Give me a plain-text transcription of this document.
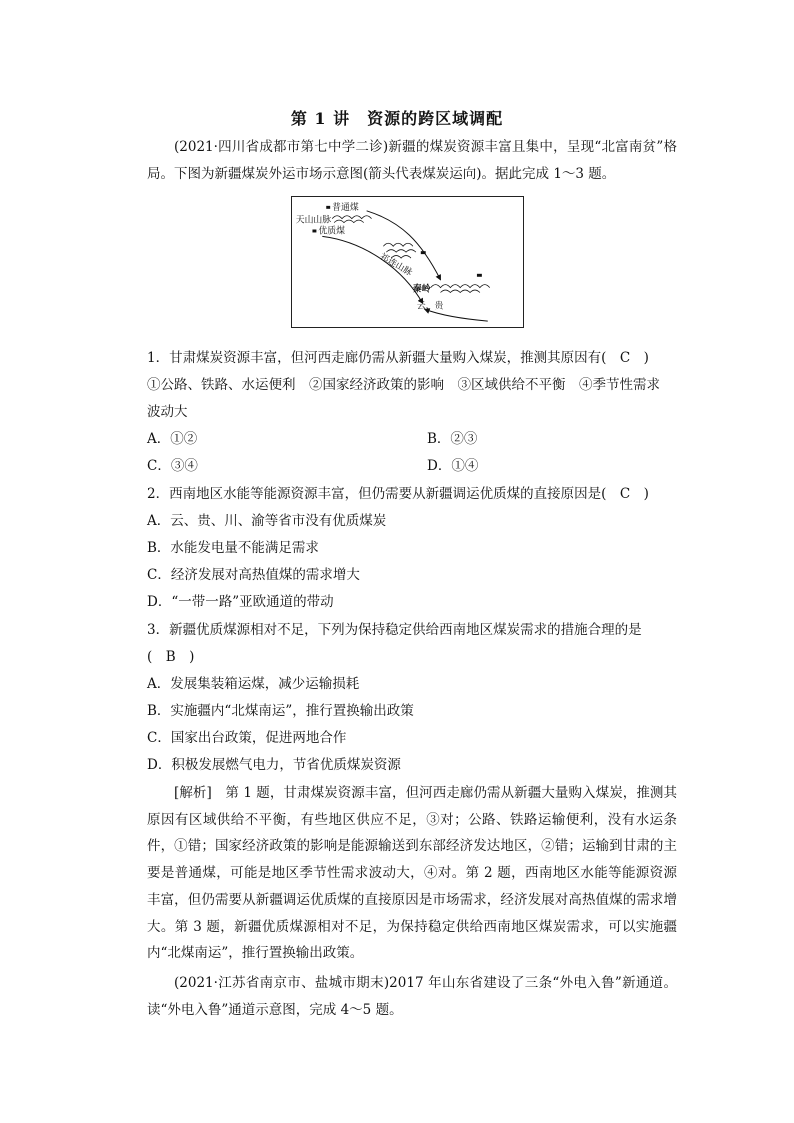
第 1 讲　资源的跨区域调配
(2021·四川省成都市第七中学二诊)新疆的煤炭资源丰富且集中，呈现“北富南贫”格局。下图为新疆煤炭外运市场示意图(箭头代表煤炭运向)。据此完成 1～3 题。
普通煤
天山山脉
优质煤
祁连山脉
秦岭
云、贵
1．甘肃煤炭资源丰富，但河西走廊仍需从新疆大量购入煤炭，推测其原因有(　C　)
①公路、铁路、水运便利　②国家经济政策的影响　③区域供给不平衡　④季节性需求
波动大
A．①②	B．②③
C．③④	D．①④
2．西南地区水能等能源资源丰富，但仍需要从新疆调运优质煤的直接原因是(　C　)
A．云、贵、川、渝等省市没有优质煤炭
B．水能发电量不能满足需求
C．经济发展对高热值煤的需求增大
D．“一带一路”亚欧通道的带动
3．新疆优质煤源相对不足，下列为保持稳定供给西南地区煤炭需求的措施合理的是
(　B　)
A．发展集装箱运煤，减少运输损耗
B．实施疆内“北煤南运”，推行置换输出政策
C．国家出台政策，促进两地合作
D．积极发展燃气电力，节省优质煤炭资源
[解析]　第 1 题，甘肃煤炭资源丰富，但河西走廊仍需从新疆大量购入煤炭，推测其原因有区域供给不平衡，有些地区供应不足，③对；公路、铁路运输便利，没有水运条件，①错；国家经济政策的影响是能源输送到东部经济发达地区，②错；运输到甘肃的主要是普通煤，可能是地区季节性需求波动大，④对。第 2 题，西南地区水能等能源资源丰富，但仍需要从新疆调运优质煤的直接原因是市场需求，经济发展对高热值煤的需求增大。第 3 题，新疆优质煤源相对不足，为保持稳定供给西南地区煤炭需求，可以实施疆内“北煤南运”，推行置换输出政策。
(2021·江苏省南京市、盐城市期末)2017 年山东省建设了三条“外电入鲁”新通道。读“外电入鲁”通道示意图，完成 4～5 题。
